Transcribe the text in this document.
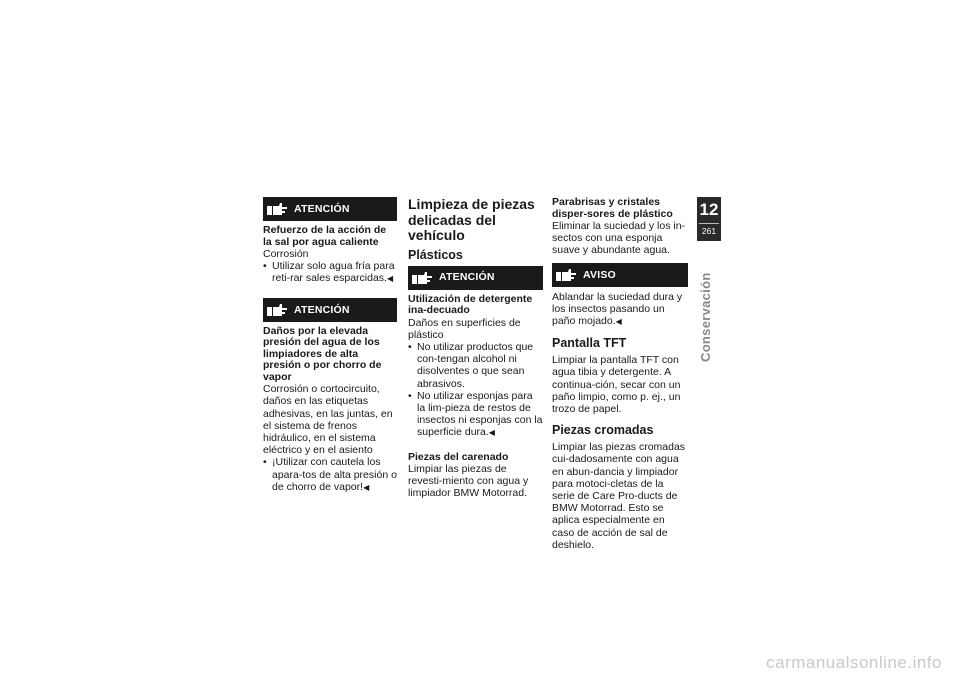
ATENCIÓN

Refuerzo de la acción de la sal por agua caliente

Corrosión

• Utilizar solo agua fría para reti-rar sales esparcidas.◀
ATENCIÓN

Daños por la elevada presión del agua de los limpiadores de alta presión o por chorro de vapor

Corrosión o cortocircuito, daños en las etiquetas adhesivas, en las juntas, en el sistema de frenos hidráulico, en el sistema eléctrico y en el asiento

• ¡Utilizar con cautela los apara-tos de alta presión o de chorro de vapor!◀
Limpieza de piezas delicadas del vehículo
Plásticos
ATENCIÓN

Utilización de detergente ina-decuado

Daños en superficies de plástico

• No utilizar productos que con-tengan alcohol ni disolventes o que sean abrasivos.
• No utilizar esponjas para la lim-pieza de restos de insectos ni esponjas con la superficie dura.◀

Piezas del carenado

Limpiar las piezas de revesti-miento con agua y limpiador BMW Motorrad.

Parabrisas y cristales disper-sores de plástico

Eliminar la suciedad y los in-sectos con una esponja suave y abundante agua.

AVISO

Ablandar la suciedad dura y los insectos pasando un paño mojado.◀

Pantalla TFT

Limpiar la pantalla TFT con agua tibia y detergente. A continua-ción, secar con un paño limpio, como p. ej., un trozo de papel.

Piezas cromadas

Limpiar las piezas cromadas cui-dadosamente con agua en abun-dancia y limpiador para motoci-cletas de la serie de Care Pro-ducts de BMW Motorrad. Esto se aplica especialmente en caso de acción de sal de deshielo.

12
261
Conservación
carmanualsonline.info
